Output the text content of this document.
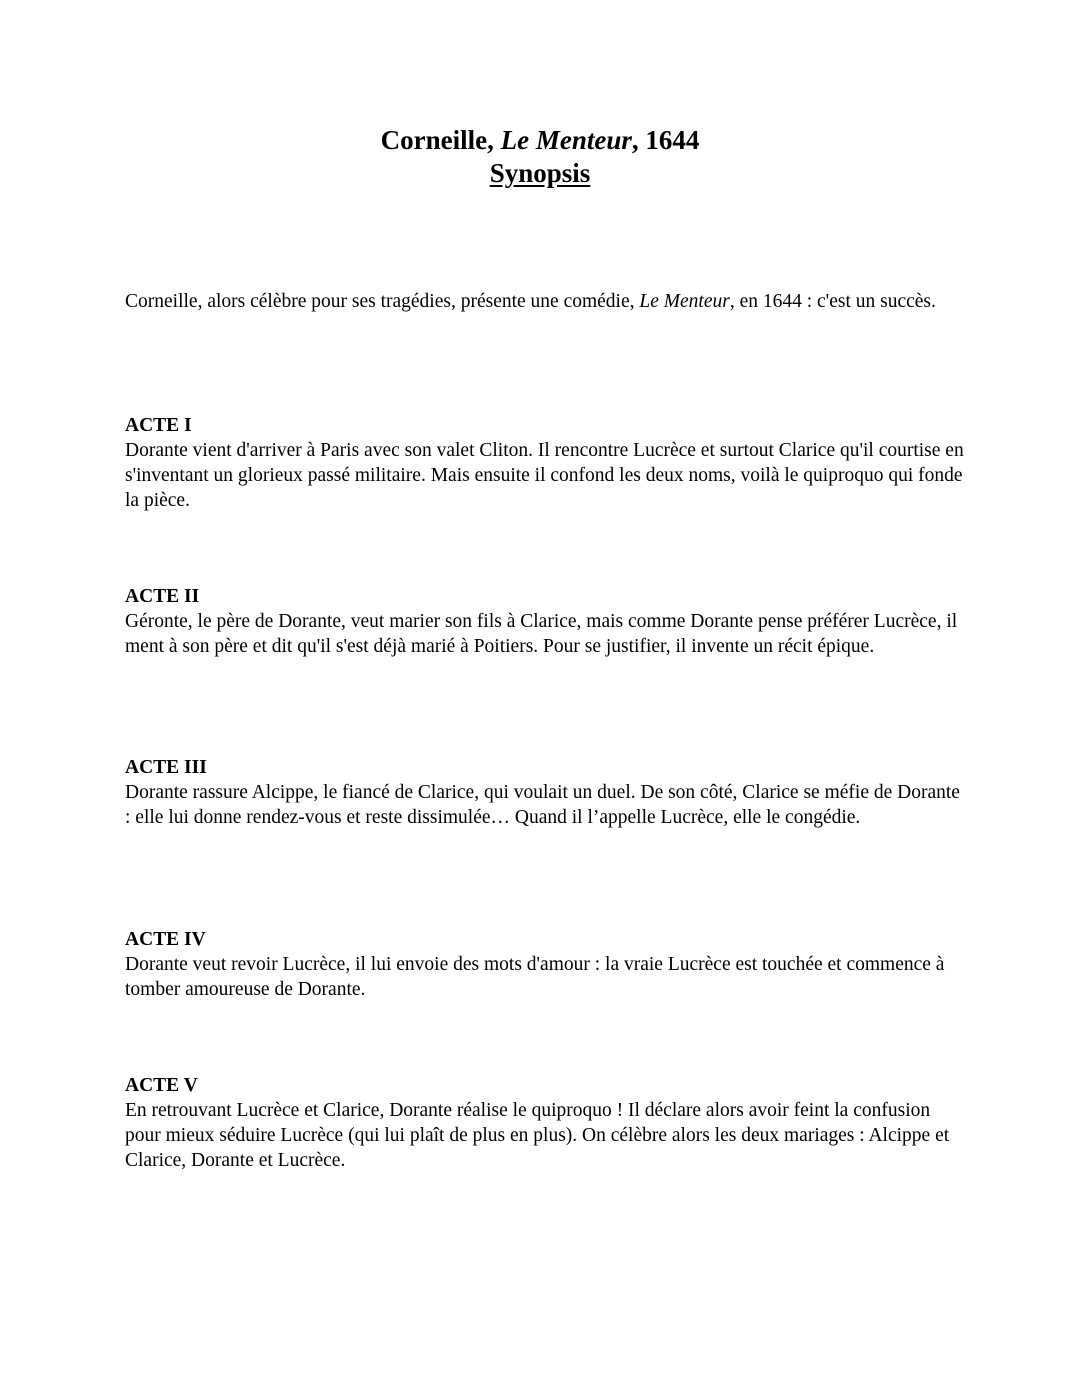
Corneille, Le Menteur, 1644
Synopsis

Corneille, alors célèbre pour ses tragédies, présente une comédie, Le Menteur, en 1644 : c'est un succès.

ACTE I
Dorante vient d'arriver à Paris avec son valet Cliton. Il rencontre Lucrèce et surtout Clarice qu'il courtise en s'inventant un glorieux passé militaire. Mais ensuite il confond les deux noms, voilà le quiproquo qui fonde la pièce.
ACTE II
Géronte, le père de Dorante, veut marier son fils à Clarice, mais comme Dorante pense préférer Lucrèce, il ment à son père et dit qu'il s'est déjà marié à Poitiers. Pour se justifier, il invente un récit épique.
ACTE III
Dorante rassure Alcippe, le fiancé de Clarice, qui voulait un duel. De son côté, Clarice se méfie de Dorante : elle lui donne rendez-vous et reste dissimulée… Quand il l’appelle Lucrèce, elle le congédie.
ACTE IV
Dorante veut revoir Lucrèce, il lui envoie des mots d'amour : la vraie Lucrèce est touchée et commence à tomber amoureuse de Dorante.
ACTE V
En retrouvant Lucrèce et Clarice, Dorante réalise le quiproquo ! Il déclare alors avoir feint la confusion pour mieux séduire Lucrèce (qui lui plaît de plus en plus). On célèbre alors les deux mariages : Alcippe et Clarice, Dorante et Lucrèce.
